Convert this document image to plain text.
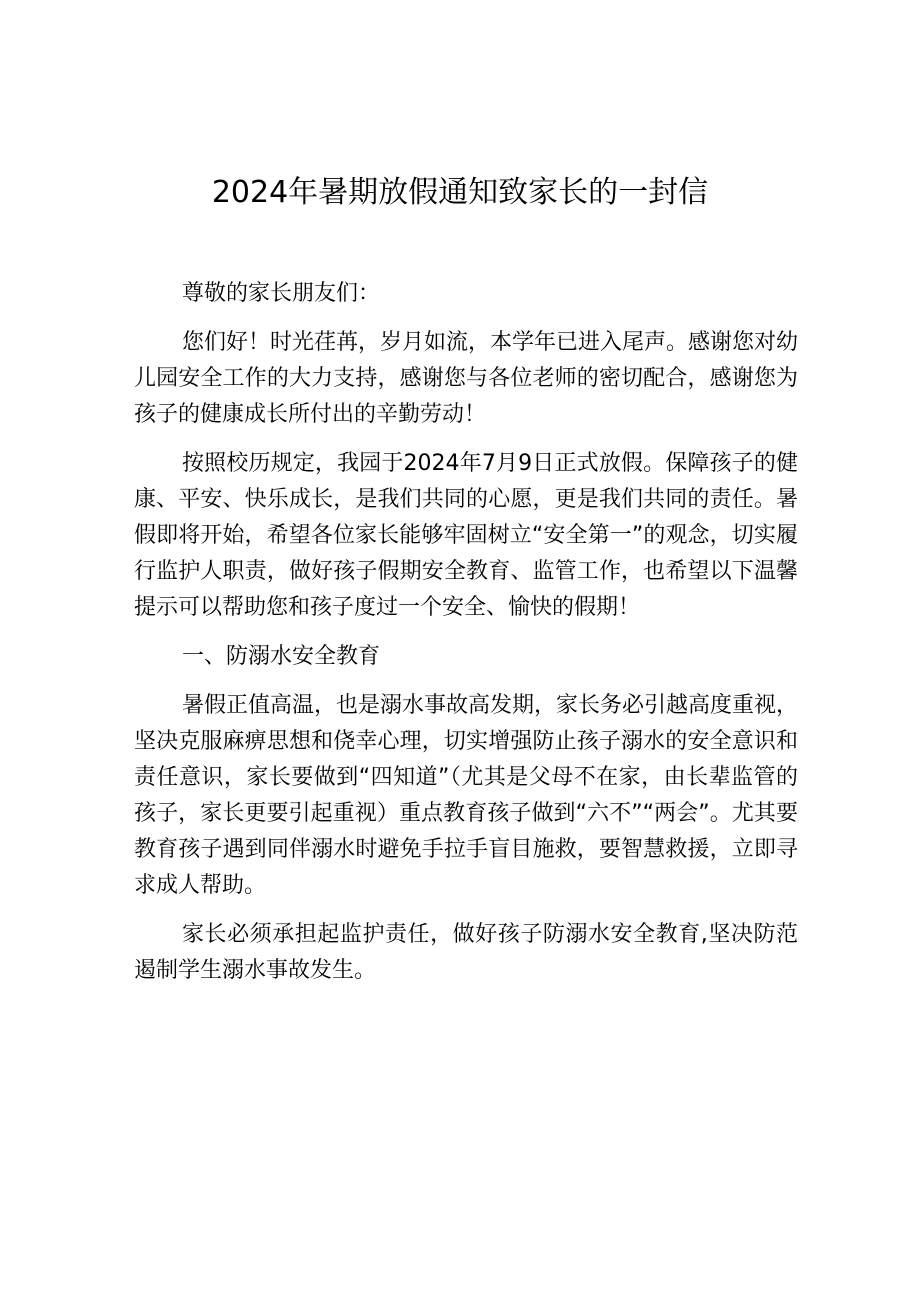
2024年暑期放假通知致家长的一封信

尊敬的家长朋友们：

您们好！时光荏苒，岁月如流，本学年已进入尾声。感谢您对幼儿园安全工作的大力支持，感谢您与各位老师的密切配合，感谢您为孩子的健康成长所付出的辛勤劳动！

按照校历规定，我园于2024年7月9日正式放假。保障孩子的健康、平安、快乐成长，是我们共同的心愿，更是我们共同的责任。暑假即将开始，希望各位家长能够牢固树立“安全第一”的观念，切实履行监护人职责，做好孩子假期安全教育、监管工作，也希望以下温馨提示可以帮助您和孩子度过一个安全、愉快的假期！

一、防溺水安全教育

暑假正值高温，也是溺水事故高发期，家长务必引越高度重视，坚决克服麻痹思想和侥幸心理，切实增强防止孩子溺水的安全意识和责任意识，家长要做到“四知道”（尤其是父母不在家，由长辈监管的孩子，家长更要引起重视）重点教育孩子做到“六不”“两会”。尤其要教育孩子遇到同伴溺水时避免手拉手盲目施救，要智慧救援，立即寻求成人帮助。

家长必须承担起监护责任，做好孩子防溺水安全教育,坚决防范遏制学生溺水事故发生。
